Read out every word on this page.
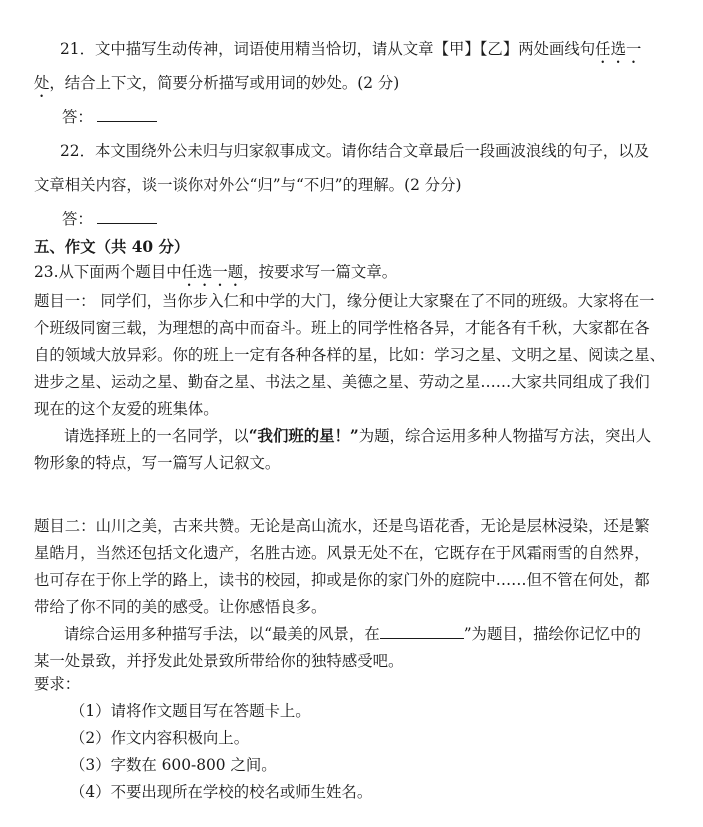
21．文中描写生动传神，词语使用精当恰切，请从文章【甲】【乙】两处画线句任选一
处，结合上下文，简要分析描写或用词的妙处。(2 分)
答：
22．本文围绕外公未归与归家叙事成文。请你结合文章最后一段画波浪线的句子，以及
文章相关内容，谈一谈你对外公“归”与“不归”的理解。(2 分分)
答：
五、作文（共 40 分）
23.从下面两个题目中任选一题，按要求写一篇文章。
题目一： 同学们，当你步入仁和中学的大门，缘分便让大家聚在了不同的班级。大家将在一
个班级同窗三载，为理想的高中而奋斗。班上的同学性格各异，才能各有千秋，大家都在各
自的领域大放异彩。你的班上一定有各种各样的星，比如：学习之星、文明之星、阅读之星、
进步之星、运动之星、勤奋之星、书法之星、美德之星、劳动之星……大家共同组成了我们
现在的这个友爱的班集体。
请选择班上的一名同学，以“我们班的星！”为题，综合运用多种人物描写方法，突出人
物形象的特点，写一篇写人记叙文。
题目二：山川之美，古来共赞。无论是高山流水，还是鸟语花香，无论是层林浸染，还是繁
星皓月，当然还包括文化遗产，名胜古迹。风景无处不在，它既存在于风霜雨雪的自然界，
也可存在于你上学的路上，读书的校园，抑或是你的家门外的庭院中……但不管在何处，都
带给了你不同的美的感受。让你感悟良多。
请综合运用多种描写手法，以“最美的风景，在	”为题目，描绘你记忆中的
某一处景致，并抒发此处景致所带给你的独特感受吧。
要求：
（1）请将作文题目写在答题卡上。
（2）作文内容积极向上。
（3）字数在 600-800 之间。
（4）不要出现所在学校的校名或师生姓名。
